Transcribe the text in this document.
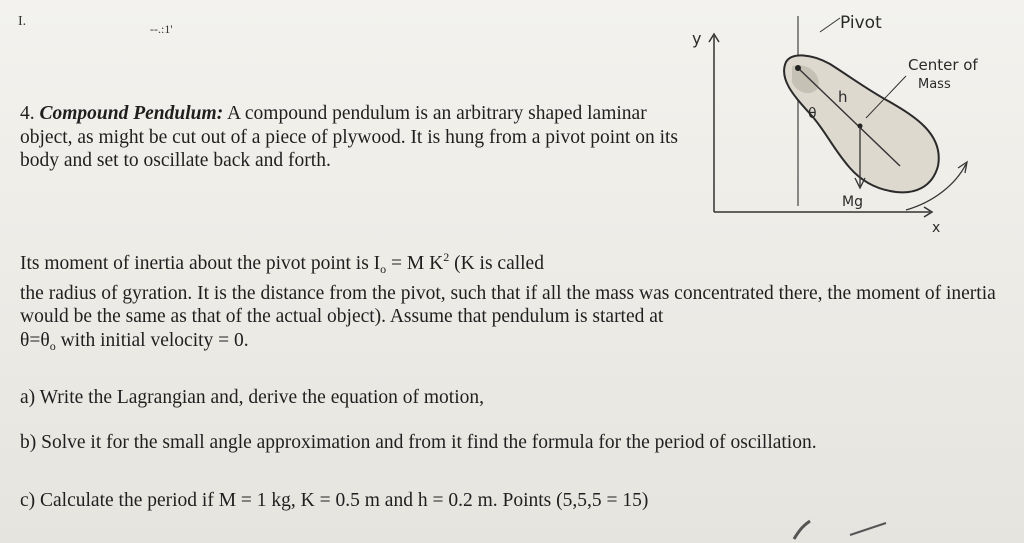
I.	--.:1'
4. Compound Pendulum: A compound pendulum is an arbitrary shaped laminar object, as might be cut out of a piece of plywood. It is hung from a pivot point on its body and set to oscillate back and forth.
Its moment of inertia about the pivot point is $I_o = M$ $K^2$ (K is called
the radius of gyration. It is the distance from the pivot, such that if all the mass was concentrated there, the moment of inertia would be the same as that of the actual object). Assume that pendulum is started at
$\theta=\theta_o$ with initial velocity = 0.
a) Write the Lagrangian and, derive the equation of motion,
b) Solve it for the small angle approximation and from it find the formula for the period of oscillation.
c) Calculate the period if M = 1 kg, K = 0.5 m and h = 0.2 m. Points (5,5,5 = 15)
y
x
Pivot
Center of
Mass
h
θ
Mg
